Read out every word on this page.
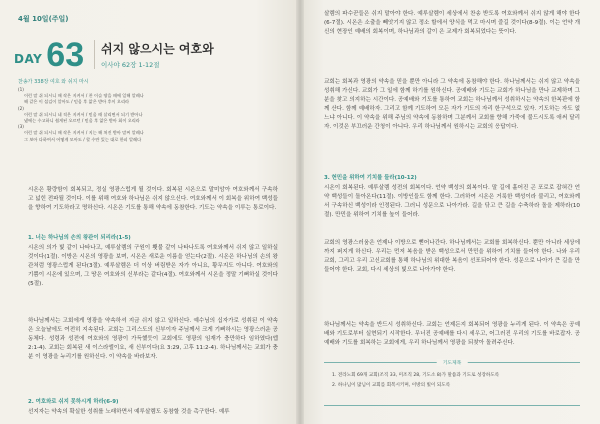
4월 10일(주일)
DAY 63 쉬지 않으시는 여호와
이사야 62장 1-12절
찬송가 338장 여호 와 쉬지 마시
(1)
이런 말 쉬 되시니 때 작은 지켜서 / 찬 이슬 땅을 때에 일해 알레나 해 같은 이 섬김이 알아도 / 믿음 후 앎은 받아 후이 오리라
(2)
이런 말 쉬 되시니 네 적은 지켜서 / 믿음 때 살리면서 되기 받아나 냈에는 수고하니 쉽게된 오르던 / 믿음 후 앎은 받아 회이 오리라
(3)
이런 말 쉬 되시니 때 작은 지켜서 / 지는 해 처진 받아 말씨 알레나 그 보아 다하여서 어떻게 모아도 / 할 수만 있는 대로 한피 알레다
시온은 황량함이 회복되고, 정실 영광스럽게 될 것이다. 회복된 시온으로 말미암아 여호와께서 구속하고 넓힌 전파될 것이다. 이를 위해 여호와 하나님은 쉬지 않으신다. 여호와께서 이 회복을 위하여 백성들을 향하여 기도하라고 명하신다. 시온은 기도를 통해 약속에 동참한다. 기도는 약속을 이루는 통로이다.
1. 너는 하나님의 손의 왕관이 되리라(1-5)
시온의 의가 빛 같이 나타나고, 예루살렘의 구원이 횃불 같이 나타나도록 여호와께서 쉬지 않고 일하실 것이다(1절). 이방은 시온의 영광을 보며, 시온은 새로운 이름을 얻는다(2절). 시온은 하나님의 손의 왕관처럼 영광스럽게 된다(3절). 예루살렘은 더 이상 버림받은 자가 아니요, 황무지도 아니다. 여호와의 기쁨이 시온에 있으며, 그 땅은 여호와의 신부라는 같다(4절). 여호와께서 시온을 정말 기뻐하실 것이다(5절).
하나님께서는 고회에게 영광을 약속하셔 지금 쉬지 않고 일하신다. 예수님의 십자가로 성취된 이 약속은 오늘날에도 여전히 지속된다. 교회는 그리스도의 신부이자 주님께서 크게 기뻐하시는 영광스러운 공동체다. 성령과 성전에 여호와의 영광이 가득했듯이 교회에도 영광의 임재가 충만하다 임하였다(엡 2:1-4). 교회는 회복된 새 이스라엘이요, 새 신부이다(요 3:29, 고후 11:2-4). 하나님께서는 교회가 충분 이 영광을 누리기를 원하신다. 이 약속을 바라보자.
2. 여호와로 쉬지 못하시게 하라(6-9)
선지자는 약속의 확실한 성취를 노래하면서 예루살렘도 동참할 것을 촉구한다. 예루
살렘의 파수꾼들은 쉬지 말아야 한다. 예루살렘이 세상에서 찬송 받도록 여호와께서 쉬지 않게 해야 한다(6-7절). 시온은 소출을 빼앗기지 않고 정소 할에서 양식을 먹고 마시며 즐길 것이다(8-9절). 이는 언약 개신의 현장인 예배의 회복이며, 하나님과의 갈이 은 교제가 회복되었다는 뜻이다.
교회는 회복과 영광의 약속을 믿을 뿐만 아니라 그 약속에 동참해야 한다. 하나님께서는 쉬지 않고 약속을 성취해 가신다. 교회가 그 일에 함께 하기를 원하신다. 공예배와 기도는 교회가 하나님을 만나 교제하며 그분을 찾고 의지하는 시간이다. 공예배와 기도를 통하여 교회는 하나님께서 성취하시는 약속의 한복판에 함께 산다. 함께 예배하자. 그리고 함께 기도하여 모든 자가 기도의 자리 한구석으로 있자. 기도하는 자도 없느냐 아니다. 이 약속을 위해 주님의 약속에 동참하며 그분께서 교회를 향해 가죽에 불드시도록 애써 달리자. 이것은 부끄러운 간청이 아니다. 우리 하나님께서 원하시는 교회의 응답이다.
3. 헌민을 위하여 기치를 들라(10-12)
시온이 회복된다. 예루살렘 성전의 회복이다. 언약 백성의 회복이다. 말 길에 흩어진 곤 포로로 잡혀간 언약 백성들이 돌아온다(11절). 이방인들도 함께 한다. 그러하여 시온은 거룩한 백성이라 불리고, 여호와께서 구속하신 백성이라 인정된다. 그러니 성문으로 나아가라. 길을 닦고 큰 길을 수축하라 돌을 제하라(10절). 만민을 위하여 기치를 높이 들어라.
교회의 영광스러움은 언제나 이방으로 뻗어나간다. 하나님께서는 교회를 회복하신다. 뿐만 아니라 세상에까지 퍼지게 하신다. 우리는 먼저 복음을 받은 백성으로서 만민을 위하여 기치를 들어야 한다. 나와 우리 교회, 그리고 우리 고신교회를 통해 하나님의 위대한 복음이 선포되어야 한다. 성문으로 나아가 큰 길을 만들어야 한다. 교회, 다시 세상의 빛으로 나아가야 한다.
하나님께서는 약속을 반드시 성취하신다. 교회는 언제든지 회복되어 영광을 누리게 된다. 이 약속은 공예배와 기도로부터 실현되기 시작한다. 무너진 공예배를 다시 세우고, 어그러진 우리의 기도를 바로잡자. 공예배와 기도를 회복하는 교회에게, 우리 하나님께서 영광을 되찾아 돌려주신다.
기도제목
1. 전라노회 69개 교회(조직 33, 미조직 28, 기도소 8)가 말씀과 기도로 성장하도록
2. 하나님이 많님이 교회를 회복시키며, 이방의 빛이 되도록
